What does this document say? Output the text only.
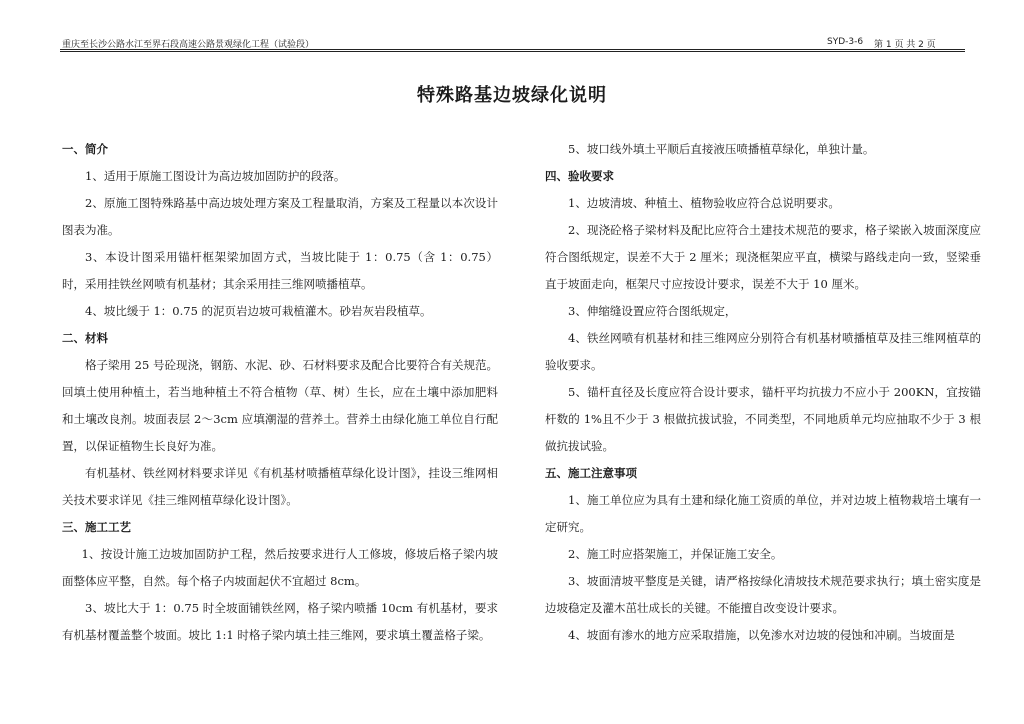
重庆至长沙公路水江至界石段高速公路景观绿化工程（试验段）	SYD-3-6 第 1 页 共 2 页
特殊路基边坡绿化说明

一、简介

1、适用于原施工图设计为高边坡加固防护的段落。

2、原施工图特殊路基中高边坡处理方案及工程量取消，方案及工程量以本次设计图表为准。

3、本设计图采用锚杆框架梁加固方式，当坡比陡于 1：0.75（含 1：0.75）时，采用挂铁丝网喷有机基材；其余采用挂三维网喷播植草。

4、坡比缓于 1：0.75 的泥页岩边坡可栽植灌木。砂岩灰岩段植草。

二、材料

格子梁用 25 号砼现浇，钢筋、水泥、砂、石材料要求及配合比要符合有关规范。回填土使用种植土，若当地种植土不符合植物（草、树）生长，应在土壤中添加肥料和土壤改良剂。坡面表层 2～3cm 应填潮湿的营养土。营养土由绿化施工单位自行配置，以保证植物生长良好为准。

有机基材、铁丝网材料要求详见《有机基材喷播植草绿化设计图》，挂设三维网相关技术要求详见《挂三维网植草绿化设计图》。

三、施工工艺

1、按设计施工边坡加固防护工程，然后按要求进行人工修坡，修坡后格子梁内坡面整体应平整，自然。每个格子内坡面起伏不宜超过 8cm。

3、坡比大于 1：0.75 时全坡面铺铁丝网，格子梁内喷播 10cm 有机基材，要求有机基材覆盖整个坡面。坡比 1:1 时格子梁内填土挂三维网，要求填土覆盖格子梁。

5、坡口线外填土平顺后直接液压喷播植草绿化，单独计量。

四、验收要求

1、边坡清坡、种植土、植物验收应符合总说明要求。

2、现浇砼格子梁材料及配比应符合土建技术规范的要求，格子梁嵌入坡面深度应符合图纸规定，误差不大于 2 厘米；现浇框架应平直，横梁与路线走向一致，竖梁垂直于坡面走向，框架尺寸应按设计要求，误差不大于 10 厘米。

3、伸缩缝设置应符合图纸规定，

4、铁丝网喷有机基材和挂三维网应分别符合有机基材喷播植草及挂三维网植草的验收要求。

5、锚杆直径及长度应符合设计要求，锚杆平均抗拔力不应小于 200KN，宜按锚杆数的 1%且不少于 3 根做抗拔试验，不同类型，不同地质单元均应抽取不少于 3 根做抗拔试验。

五、施工注意事项

1、施工单位应为具有土建和绿化施工资质的单位，并对边坡上植物栽培土壤有一定研究。

2、施工时应搭架施工，并保证施工安全。

3、坡面清坡平整度是关键，请严格按绿化清坡技术规范要求执行；填土密实度是边坡稳定及灌木茁壮成长的关键。不能擅自改变设计要求。

4、坡面有渗水的地方应采取措施，以免渗水对边坡的侵蚀和冲刷。当坡面是
